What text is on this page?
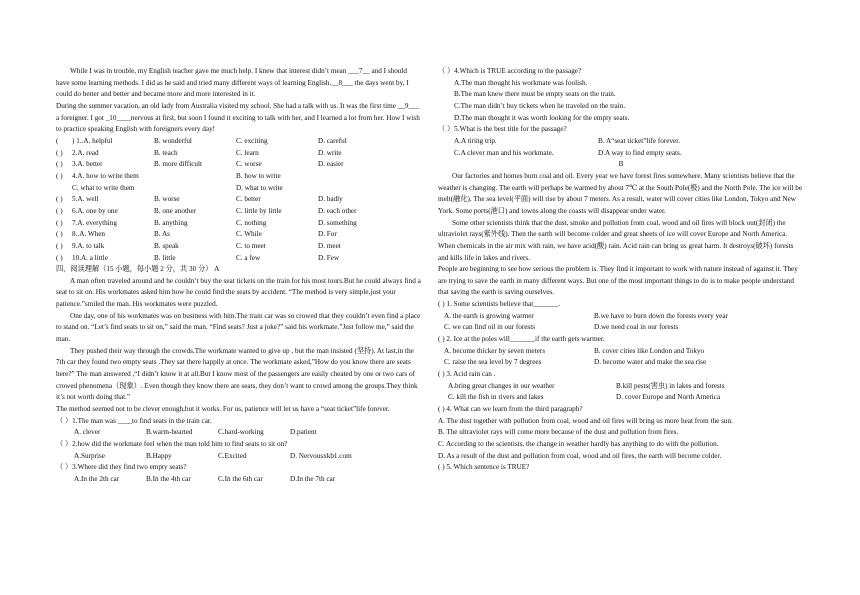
While I was in trouble, my English teacher gave me much help. I knew that interest didn’t mean ___7__ and I should have some learning methods. I did as he said and tried many different ways of learning English.__8___ the days went by, I could do better and better and became more and more interested in it.

During the summer vacation, an old lady from Australia visited my school. She had a talk with us. It was the first time __9___ a foreigner. I got _10____nervous at first, but soon I found it exciting to talk with her, and I learned a lot from her. How I wish to practice speaking English with foreigners every day!

(	) 1..A. helpful	B. wonderful	C. exciting	D. careful
( )	2.A. read	B. teach	C. learn	D. write
( )	3.A. better	B. more difficult	C. worse	D. easier
( )	4.A. how to write them	B. how to write
C. what to write them	D. what to write
( )	5.A. well	B. worse	C. better	D. badly
( )	6.A. one by one	B. one another	C. little by little	D. each other
( )	7.A. everything	B. anything	C. nothing	D. something
( )	8..A. When	B. As	C. While	D. For
( )	9.A. to talk	B. speak	C. to meet	D. meet
( )	10.A. a little	B. little	C. a few	D. Few

四、阅读理解（15 小题，每小题 2 分，共 30 分） A

A man often traveled around and he couldn’t buy the seat tickets on the train for his most tours.But he could always find a seat to sit on. His workmates asked him how he could find the seats by accident. “The method is very simple,just your patience.”smiled the man. His workmates were puzzled.

One day, one of his workmates was on business with him.The train car was so crowed that they couldn’t even find a place to stand on. “Let’s find seats to sit on,” said the man. “Find seats? Just a joke?” said his workmate.”Just follow me,” said the man.

They pushed their way through the crowds.The workmate wanted to give up , but the man insisted (坚持). At last,in the 7th car they found two empty seats .They sat there happily at once. The workmate asked,”How do you know there are seats here?” The man answered ,“I didn’t know it at all.But I know most of the passengers are easily cheated by one or two cars of crowed phenomena（现象）. Even though they know there are seats, they don’t want to crowd among the groups.They think it’s not worth doing that.”

The method seemed not to be clever enough,but it works. For us, patience will let us have a “seat ticket”life forever.

（ ）1.The man was ____to find seats in the train car.

A. clever	B.warm-hearted	C.hard-working	D.patient

（ ）2.how did the workmate feel when the man told him to find seats to sit on?

A.Surprise	B.Happy	C.Excited	D. Nervousxkb1.com

（ ）3.Where did they find two empty seats?

A.In the 2th car	B.In the 4th car	C.In the 6th car	D.In the 7th car

（ ）4.Which is TRUE according to the passage?

A.The man thought his workmate was foolish.

B.The man knew there must be empty seats on the train.

C.The man didn’t buy tickets when he traveled on the train.

D.The man thought it was worth looking for the empty seats.

（ ）5.What is the best title for the passage?

A.A tiring trip.	B. A“seat ticket”life forever.
C.A clever man and his workmate.	D.A way to find empty seats.

B

Our factories and homes burn coal and oil. Every year we have forest fires somewhere. Many scientists believe that the weather is changing. The earth will perhaps be warmed by about 7℃ at the South Pole(极) and the North Pole. The ice will be melt(融化). The sea level(平面) will rise by about 7 meters. As a result, water will cover cities like London, Tokyo and New York. Some ports(港口) and towns along the coasts will disappear under water.

Some other scientists think that the dust, smoke and pollution from coal, wood and oil fires will block out(封闭) the ultraviolet rays(紫外线). Then the earth will become colder and great sheets of ice will cover Europe and North America.

When chemicals in the air mix with rain, we have acid(酸) rain. Acid rain can bring us great harm. It destroys(破坏) forests and kills life in lakes and rivers.

People are beginning to see how serious the problem is. They find it important to work with nature instead of against it. They are trying to save the earth in many different ways. But one of the most important things to do is to make people understand that saving the earth is saving ourselves.

( ) 1. Some scientists believe that_______.

A. the earth is growing warmer	B.we have to burn down the forests every year
C. we can find oil in our forests	D.we need coal in our forests

( ) 2. Ice at the poles will_______if the earth gets warmer.

A. become thicker by seven meters	B. cover cities like London and Tokyo
C. raise the sea level by 7 degrees	D. become water and make the sea rise

( ) 3. Acid rain can .

A.bring great changes in our weather	B.kill pests(害虫) in lakes and forests
C. kill the fish in rivers and lakes	D. cover Europe and North America

( ) 4. What can we learn from the third paragraph?

A. The dust together with pollution from coal, wood and oil fires will bring us more heat from the sun.

B. The ultraviolet rays will come more because of the dust and pollution from fires.

C. According to the scientists, the change in weather hardly has anything to do with the pollution.

D. As a result of the dust and pollution from coal, wood and oil fires, the earth will become colder.

( ) 5. Which sentence is TRUE?
